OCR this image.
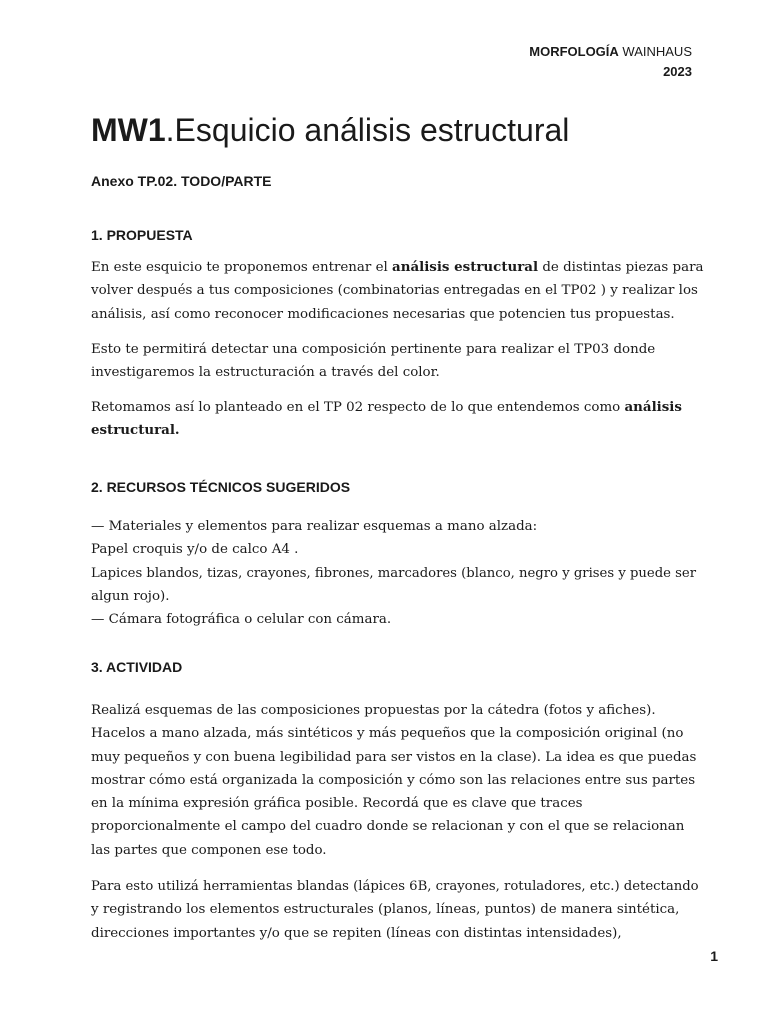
MORFOLOGÍA WAINHAUS
2023
MW1.Esquicio análisis estructural
Anexo TP.02. TODO/PARTE
1. PROPUESTA

En este esquicio te proponemos entrenar el análisis estructural de distintas piezas para
volver después a tus composiciones (combinatorias entregadas en el TP02 ) y realizar los
análisis, así como reconocer modificaciones necesarias que potencien tus propuestas.

Esto te permitirá detectar una composición pertinente para realizar el TP03 donde
investigaremos la estructuración a través del color.

Retomamos así lo planteado en el TP 02 respecto de lo que entendemos como análisis
estructural.

2. RECURSOS TÉCNICOS SUGERIDOS

— Materiales y elementos para realizar esquemas a mano alzada:
Papel croquis y/o de calco A4 .
Lapices blandos, tizas, crayones, fibrones, marcadores (blanco, negro y grises y puede ser
algun rojo).
— Cámara fotográfica o celular con cámara.

3. ACTIVIDAD

Realizá esquemas de las composiciones propuestas por la cátedra (fotos y afiches).
Hacelos a mano alzada, más sintéticos y más pequeños que la composición original (no
muy pequeños y con buena legibilidad para ser vistos en la clase). La idea es que puedas
mostrar cómo está organizada la composición y cómo son las relaciones entre sus partes
en la mínima expresión gráfica posible. Recordá que es clave que traces
proporcionalmente el campo del cuadro donde se relacionan y con el que se relacionan
las partes que componen ese todo.

Para esto utilizá herramientas blandas (lápices 6B, crayones, rotuladores, etc.) detectando
y registrando los elementos estructurales (planos, líneas, puntos) de manera sintética,
direcciones importantes y/o que se repiten (líneas con distintas intensidades),

1
